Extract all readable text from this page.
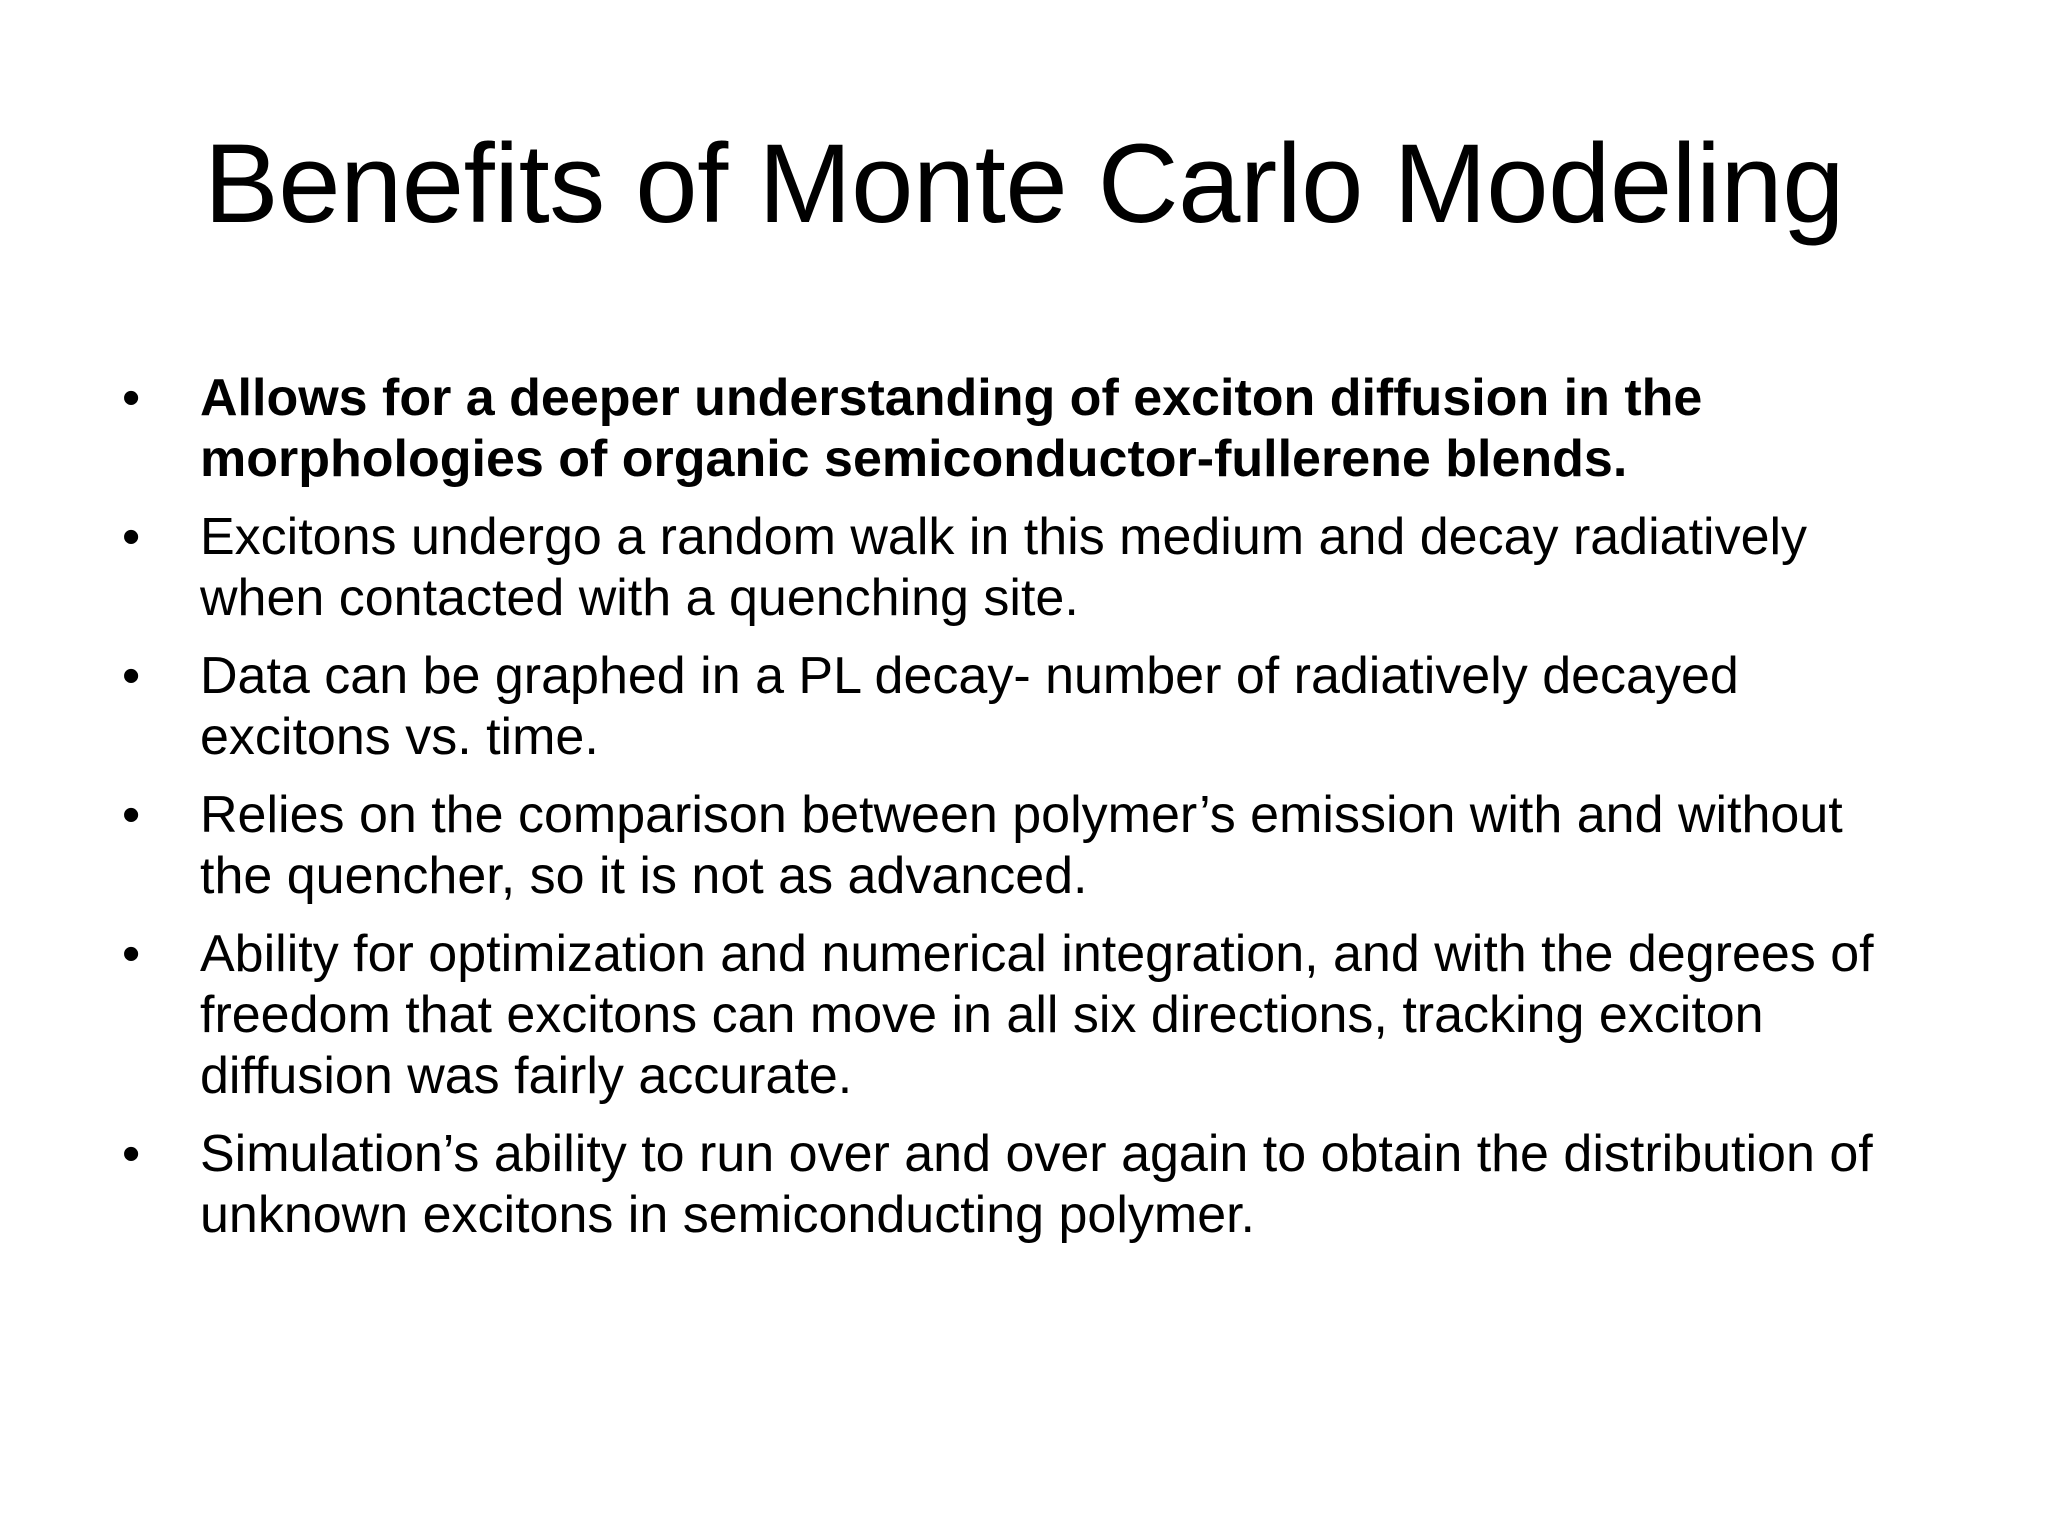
Benefits of Monte Carlo Modeling
•	Allows for a deeper understanding of exciton diffusion in the morphologies of organic semiconductor-fullerene blends.
•	Excitons undergo a random walk in this medium and decay radiatively when contacted with a quenching site.
•	Data can be graphed in a PL decay- number of radiatively decayed excitons vs. time.
•	Relies on the comparison between polymer’s emission with and without the quencher, so it is not as advanced.
•	Ability for optimization and numerical integration, and with the degrees of freedom that excitons can move in all six directions, tracking exciton diffusion was fairly accurate.
•	Simulation’s ability to run over and over again to obtain the distribution of unknown excitons in semiconducting polymer.
